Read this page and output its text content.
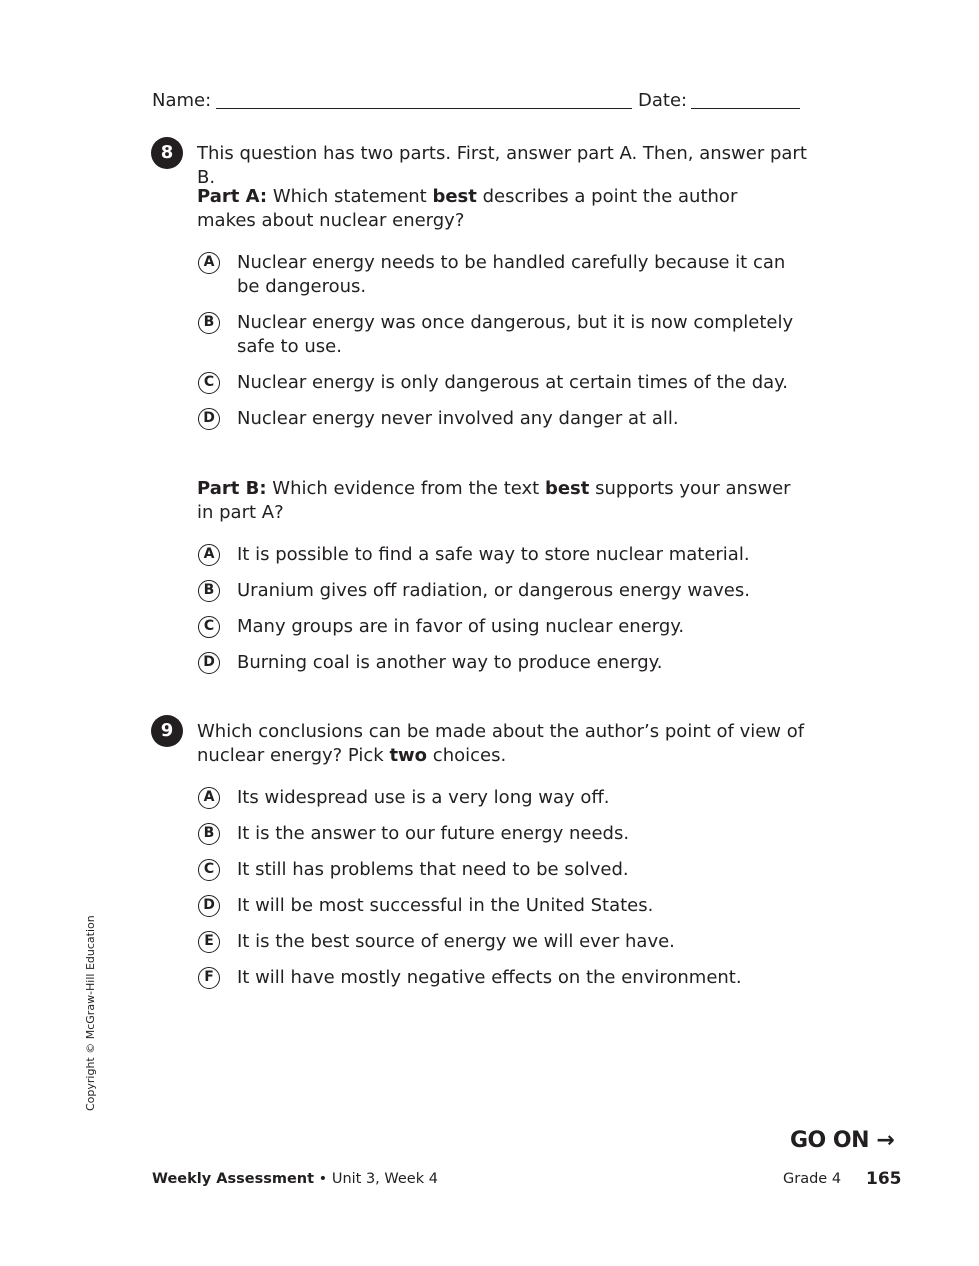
Name:	Date:
8	This question has two parts. First, answer part A. Then, answer part B.
Part A: Which statement best describes a point the author makes about nuclear energy?
A	Nuclear energy needs to be handled carefully because it can be dangerous.
B	Nuclear energy was once dangerous, but it is now completely safe to use.
C	Nuclear energy is only dangerous at certain times of the day.
D Nuclear energy never involved any danger at all.
Part B: Which evidence from the text best supports your answer in part A?
A	It is possible to find a safe way to store nuclear material.
B	Uranium gives off radiation, or dangerous energy waves.
C	Many groups are in favor of using nuclear energy.
D Burning coal is another way to produce energy.
9	Which conclusions can be made about the author’s point of view of nuclear energy? Pick two choices.
A	Its widespread use is a very long way off.
B	It is the answer to our future energy needs.
C	It still has problems that need to be solved.
D It will be most successful in the United States.
E	It is the best source of energy we will ever have.
F	It will have mostly negative effects on the environment.
Copyright © McGraw-Hill Education
GO ON →
Weekly Assessment • Unit 3, Week 4	Grade 4 165
